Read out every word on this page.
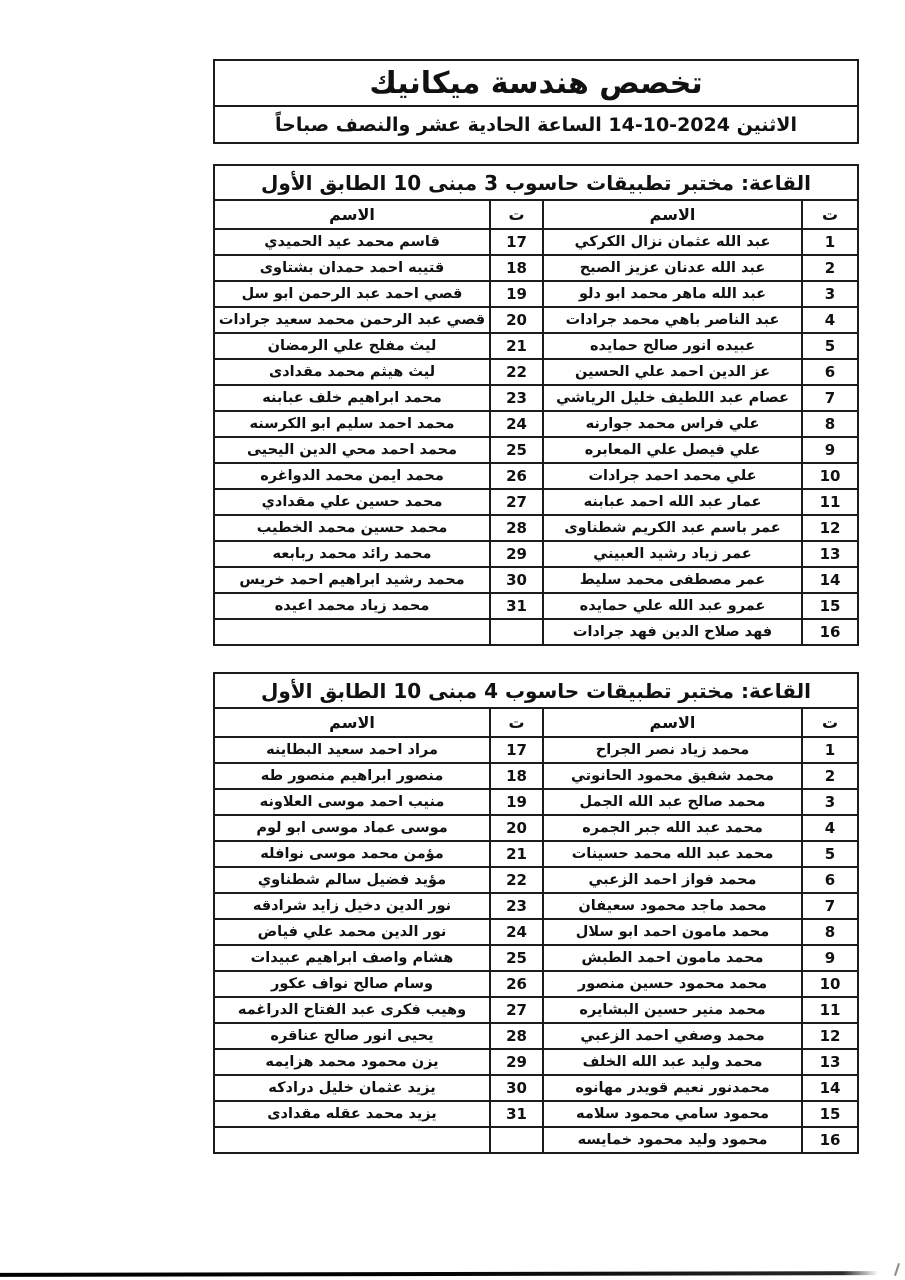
تخصص هندسة ميكانيك
الاثنين 2024-10-14 الساعة الحادية عشر والنصف صباحاً
القاعة: مختبر تطبيقات حاسوب 3 مبنى 10 الطابق الأول
ت
الاسم
ت
الاسم
1
عبد الله عثمان نزال الكركي
17
قاسم محمد عيد الحميدي
2
عبد الله عدنان عزيز الصبح
18
قتيبه احمد حمدان بشتاوى
3
عبد الله ماهر محمد ابو دلو
19
قصي احمد عبد الرحمن ابو سل
4
عبد الناصر باهي محمد جرادات
20
قصي عبد الرحمن محمد سعيد جرادات
5
عبيده انور صالح حمايده
21
ليث مفلح علي الرمضان
6
عز الدين احمد علي الحسين
22
ليث هيثم محمد مقدادى
7
عصام عبد اللطيف خليل الرياشي
23
محمد ابراهيم خلف عبابنه
8
علي فراس محمد جوارنه
24
محمد احمد سليم ابو الكرسنه
9
علي فيصل علي المعابره
25
محمد احمد محي الدين اليحيى
10
علي محمد احمد جرادات
26
محمد ايمن محمد الدواغره
11
عمار عبد الله احمد عبابنه
27
محمد حسين علي مقدادي
12
عمر باسم عبد الكريم شطناوى
28
محمد حسين محمد الخطيب
13
عمر زياد رشيد العبيني
29
محمد رائد محمد ربابعه
14
عمر مصطفى محمد سليط
30
محمد رشيد ابراهيم احمد خريس
15
عمرو عبد الله علي حمايده
31
محمد زياد محمد اعيده
16
فهد صلاح الدين فهد جرادات
القاعة: مختبر تطبيقات حاسوب 4 مبنى 10 الطابق الأول
ت
الاسم
ت
الاسم
1
محمد زياد نصر الجراح
17
مراد احمد سعيد البطاينه
2
محمد شفيق محمود الحانوتي
18
منصور ابراهيم منصور طه
3
محمد صالح عبد الله الجمل
19
منيب احمد موسى العلاونه
4
محمد عبد الله جبر الجمره
20
موسى عماد موسى ابو لوم
5
محمد عبد الله محمد حسينات
21
مؤمن محمد موسى نوافله
6
محمد فواز احمد الزعبي
22
مؤيد فضيل سالم شطناوي
7
محمد ماجد محمود سعيفان
23
نور الدين دخيل زايد شرادقه
8
محمد مامون احمد ابو سلال
24
نور الدين محمد علي فياض
9
محمد مامون احمد الطبش
25
هشام واصف ابراهيم عبيدات
10
محمد محمود حسين منصور
26
وسام صالح نواف عكور
11
محمد منير حسين البشايره
27
وهيب فكرى عبد الفتاح الدراغمه
12
محمد وصفي احمد الزعبي
28
يحيى انور صالح عناقره
13
محمد وليد عبد الله الخلف
29
يزن محمود محمد هزايمه
14
محمدنور نعيم قويدر مهانوه
30
يزيد عثمان خليل درادكه
15
محمود سامي محمود سلامه
31
يزيد محمد عقله مقدادى
16
محمود وليد محمود خمايسه
